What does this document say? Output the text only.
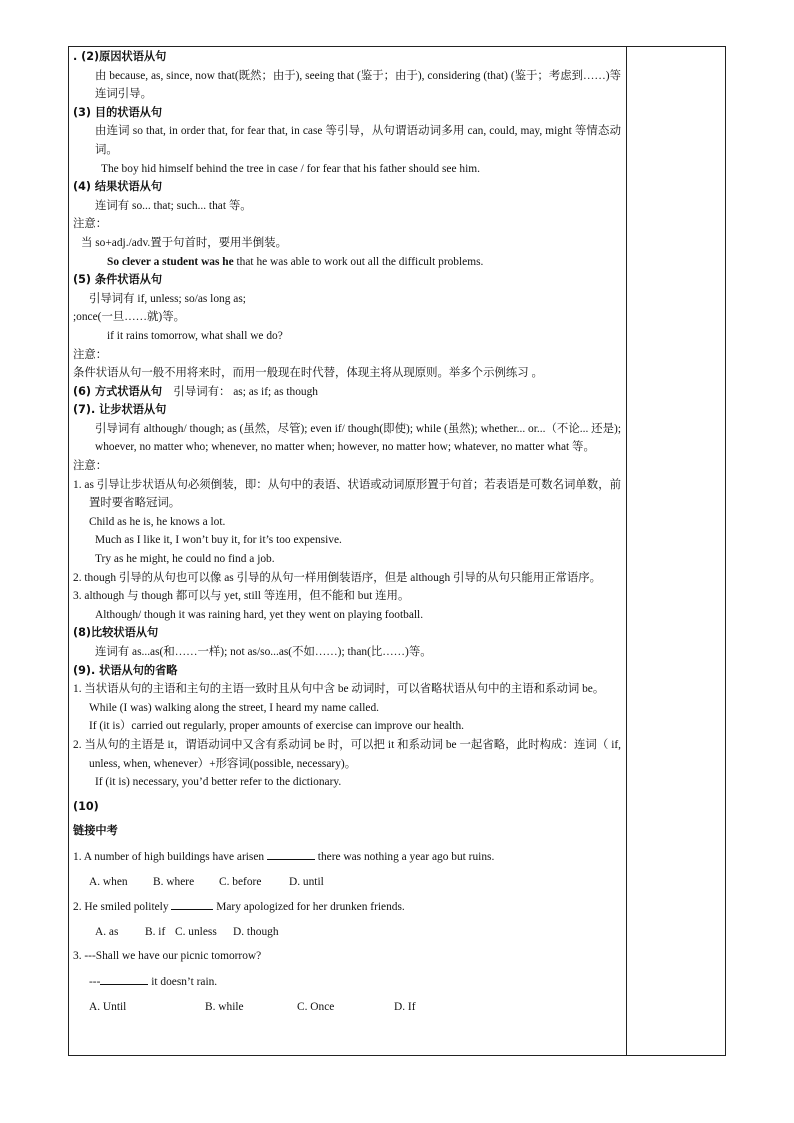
. (2)原因状语从句
由 because, as, since, now that(既然；由于), seeing that (鉴于；由于), considering (that) (鉴于；考虑到……)等连词引导。
(3) 目的状语从句
由连词 so that, in order that, for fear that, in case 等引导，从句谓语动词多用 can, could, may, might 等情态动词。
The boy hid himself behind the tree in case / for fear that his father should see him.
(4) 结果状语从句
连词有 so... that; such... that 等。
注意：
当 so+adj./adv.置于句首时，要用半倒装。
So clever a student was he that he was able to work out all the difficult problems.
(5) 条件状语从句
引导词有 if, unless; so/as long as;
;once(一旦……就)等。
if it rains tomorrow, what shall we do?
注意：
条件状语从句一般不用将来时，而用一般现在时代替，体现主将从现原则。举多个示例练习 。
(6) 方式状语从句 引导词有： as; as if; as though
(7). 让步状语从句
引导词有 although/ though; as (虽然，尽管); even if/ though(即使); while (虽然); whether... or...（不论... 还是); whoever, no matter who; whenever, no matter when; however, no matter how; whatever, no matter what 等。
注意：
1. as 引导让步状语从句必须倒装，即：从句中的表语、状语或动词原形置于句首；若表语是可数名词单数，前置时要省略冠词。
Child as he is, he knows a lot.
Much as I like it, I won’t buy it, for it’s too expensive.
Try as he might, he could no find a job.
2. though 引导的从句也可以像 as 引导的从句一样用倒装语序，但是 although 引导的从句只能用正常语序。
3. although 与 though 都可以与 yet, still 等连用，但不能和 but 连用。
Although/ though it was raining hard, yet they went on playing football.
(8)比较状语从句
连词有 as...as(和……一样); not as/so...as(不如……); than(比……)等。
(9). 状语从句的省略
1. 当状语从句的主语和主句的主语一致时且从句中含 be 动词时，可以省略状语从句中的主语和系动词 be。
While (I was) walking along the street, I heard my name called.
If (it is）carried out regularly, proper amounts of exercise can improve our health.
2. 当从句的主语是 it，谓语动词中又含有系动词 be 时，可以把 it 和系动词 be 一起省略，此时构成：连词（ if, unless, when, whenever）+形容词(possible, necessary)。
If (it is) necessary, you’d better refer to the dictionary.
(10)
链接中考
1. A number of high buildings have arisen	there was nothing a year ago but ruins.
A. when B. where C. before D. until
2. He smiled politely	Mary apologized for her drunken friends.
A. as B. if C. unless D. though
3. ---Shall we have our picnic tomorrow?
---	it doesn’t rain.
A. Until	B. while	C. Once	D. If
